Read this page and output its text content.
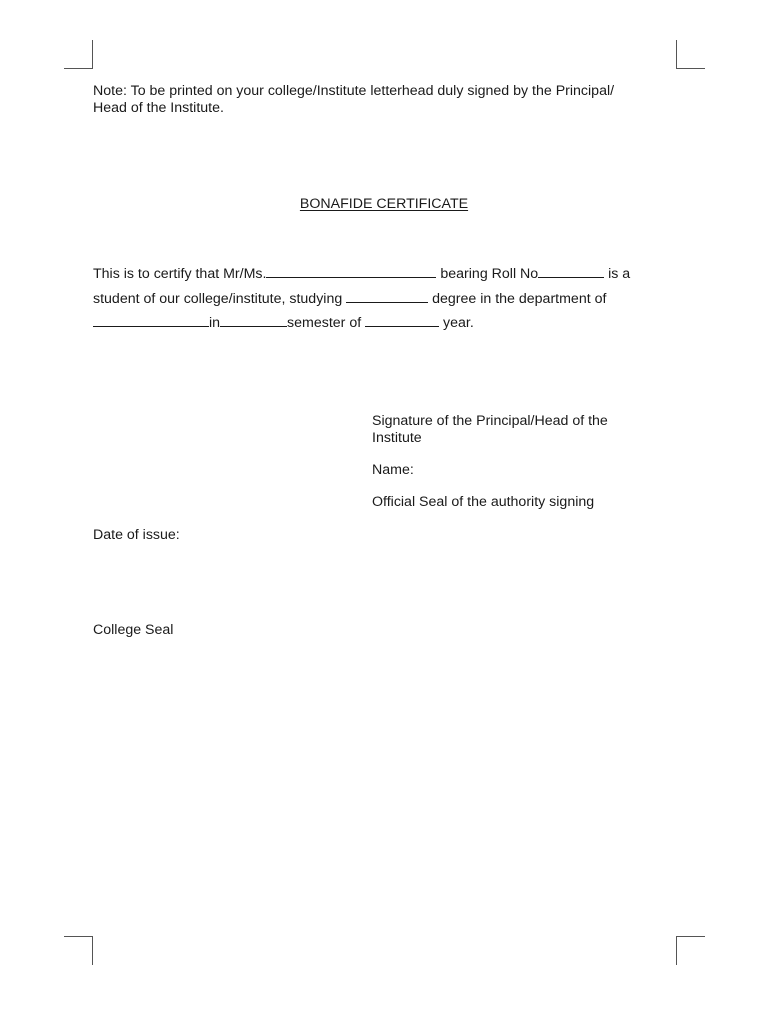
Note: To be printed on your college/Institute letterhead duly signed by the Principal/
Head of the Institute.
BONAFIDE CERTIFICATE
This is to certify that Mr/Ms.	bearing Roll No	is a
student of our college/institute, studying	degree in the department of
in	semester of	year.
Signature of the Principal/Head of the
Institute
Name:
Official Seal of the authority signing
Date of issue:
College Seal
